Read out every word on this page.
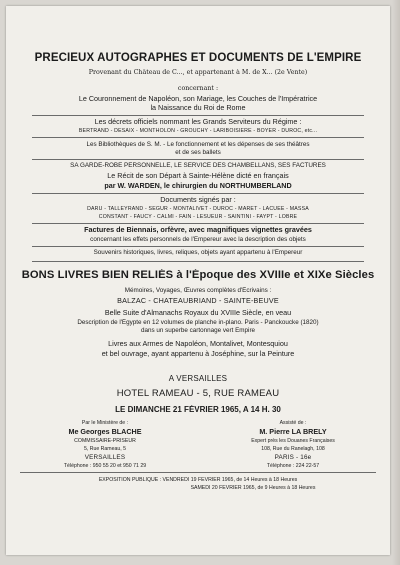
PRÉCIEUX AUTOGRAPHES ET DOCUMENTS DE L'EMPIRE
Provenant du Château de C..., et appartenant à M. de X... (2e Vente)
concernant :
Le Couronnement de Napoléon, son Mariage, les Couches de l'Impératrice
la Naissance du Roi de Rome
Les décrets officiels nommant les Grands Serviteurs du Régime :
BERTRAND - DESAIX - MONTHOLON - GROUCHY - LARIBOISIERE - BOYER - DUROC, etc...
Les Bibliothèques de S. M. - Le fonctionnement et les dépenses de ses théâtres
et de ses ballets
SA GARDE-ROBE PERSONNELLE, LE SERVICE DES CHAMBELLANS, SES FACTURES
Le Récit de son Départ à Sainte-Hélène dicté en français
par W. WARDEN, le chirurgien du NORTHUMBERLAND
Documents signés par :
DARU - TALLEYRAND - SEGUR - MONTALIVET - DUROC - MARET - LACUEE - MASSA
CONSTANT - FAUCY - CALMI - FAIN - LESUEUR - SAINTINI - FAYPT - LOBRE
Factures de Biennais, orfèvre, avec magnifiques vignettes gravées
concernant les effets personnels de l'Empereur avec la description des objets
Souvenirs historiques, livres, reliques, objets ayant appartenu à l'Empereur
BONS LIVRES BIEN RELIÉS à l'Époque des XVIIIe et XIXe Siècles
Mémoires, Voyages, Œuvres complètes d'Écrivains :
BALZAC - CHATEAUBRIAND - SAINTE-BEUVE
Belle Suite d'Almanachs Royaux du XVIIIe Siècle, en veau
Description de l'Égypte en 12 volumes de planche in-plano. Paris - Panckoucke (1820)
dans un superbe cartonnage vert Empire
Livres aux Armes de Napoléon, Montalivet, Montesquiou
et bel ouvrage, ayant appartenu à Joséphine, sur la Peinture
A VERSAILLES
HOTEL RAMEAU - 5, RUE RAMEAU
LE DIMANCHE 21 FÉVRIER 1965, A 14 H. 30
Par le Ministère de :
Me Georges BLACHE
COMMISSAIRE-PRISEUR
5, Rue Rameau, 5
VERSAILLES
Téléphone : 950 55 20 et 950 71 29
Assisté de :
M. Pierre LA BRELY
Expert près les Douanes Françaises
108, Rue du Ranelagh, 108
PARIS - 16e
Téléphone : 224 22-57
EXPOSITION PUBLIQUE : VENDREDI 19 FÉVRIER 1965, de 14 Heures à 18 Heures
SAMEDI 20 FÉVRIER 1965, de 9 Heures à 18 Heures
